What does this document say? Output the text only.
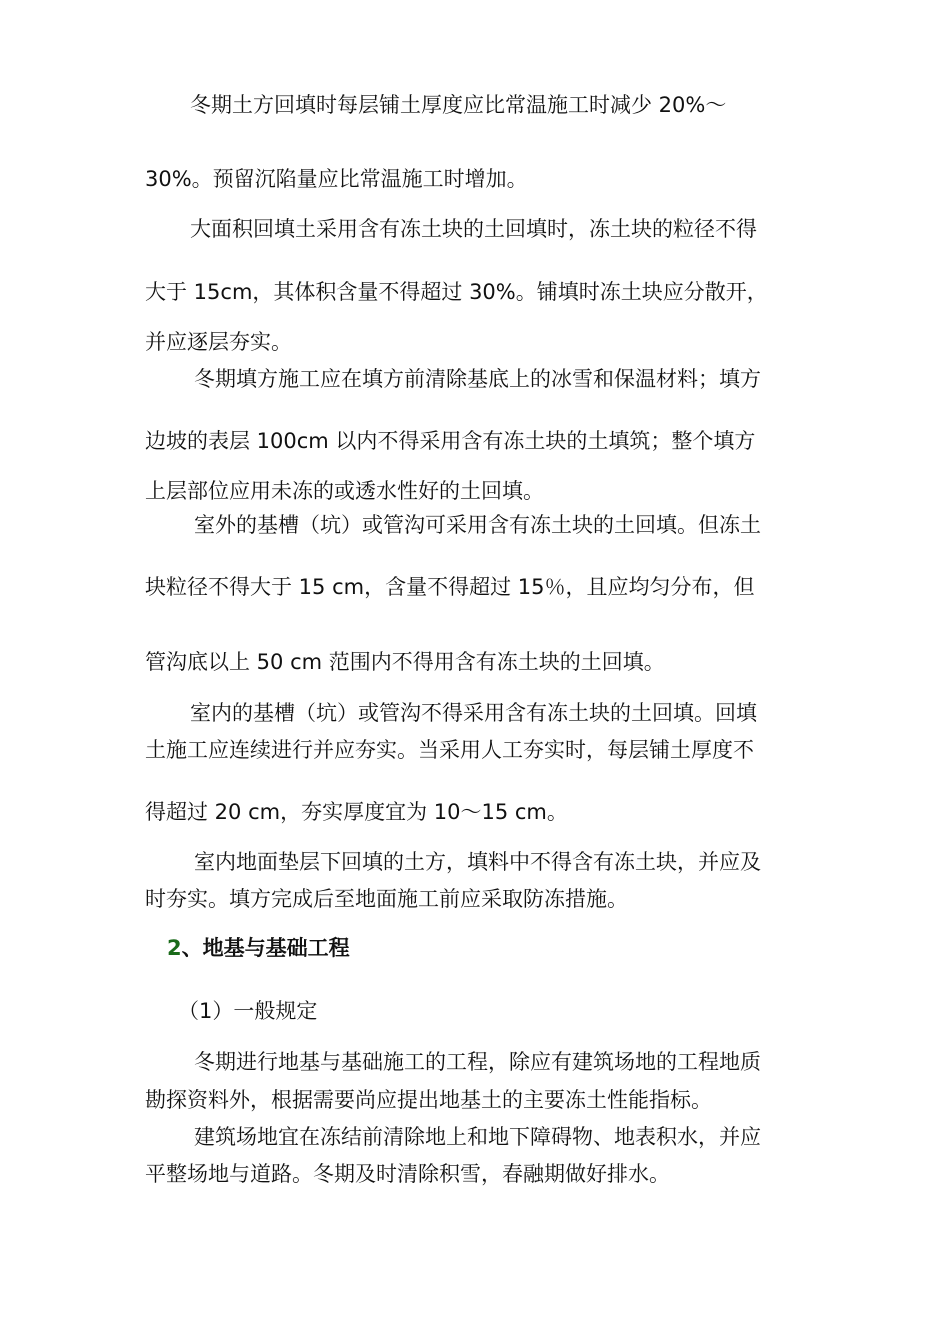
冬期土方回填时每层铺土厚度应比常温施工时减少 20%～
30%。预留沉陷量应比常温施工时增加。
大面积回填土采用含有冻土块的土回填时，冻土块的粒径不得
大于 15cm，其体积含量不得超过 30%。铺填时冻土块应分散开，
并应逐层夯实。
冬期填方施工应在填方前清除基底上的冰雪和保温材料；填方
边坡的表层 100cm 以内不得采用含有冻土块的土填筑；整个填方
上层部位应用未冻的或透水性好的土回填。
室外的基槽（坑）或管沟可采用含有冻土块的土回填。但冻土
块粒径不得大于 15 cm，含量不得超过 15％，且应均匀分布，但
管沟底以上 50 cm 范围内不得用含有冻土块的土回填。
室内的基槽（坑）或管沟不得采用含有冻土块的土回填。回填
土施工应连续进行并应夯实。当采用人工夯实时，每层铺土厚度不
得超过 20 cm，夯实厚度宜为 10～15 cm。
室内地面垫层下回填的土方，填料中不得含有冻土块，并应及
时夯实。填方完成后至地面施工前应采取防冻措施。
2、地基与基础工程
（1）一般规定
冬期进行地基与基础施工的工程，除应有建筑场地的工程地质
勘探资料外，根据需要尚应提出地基土的主要冻土性能指标。
建筑场地宜在冻结前清除地上和地下障碍物、地表积水，并应
平整场地与道路。冬期及时清除积雪，春融期做好排水。
